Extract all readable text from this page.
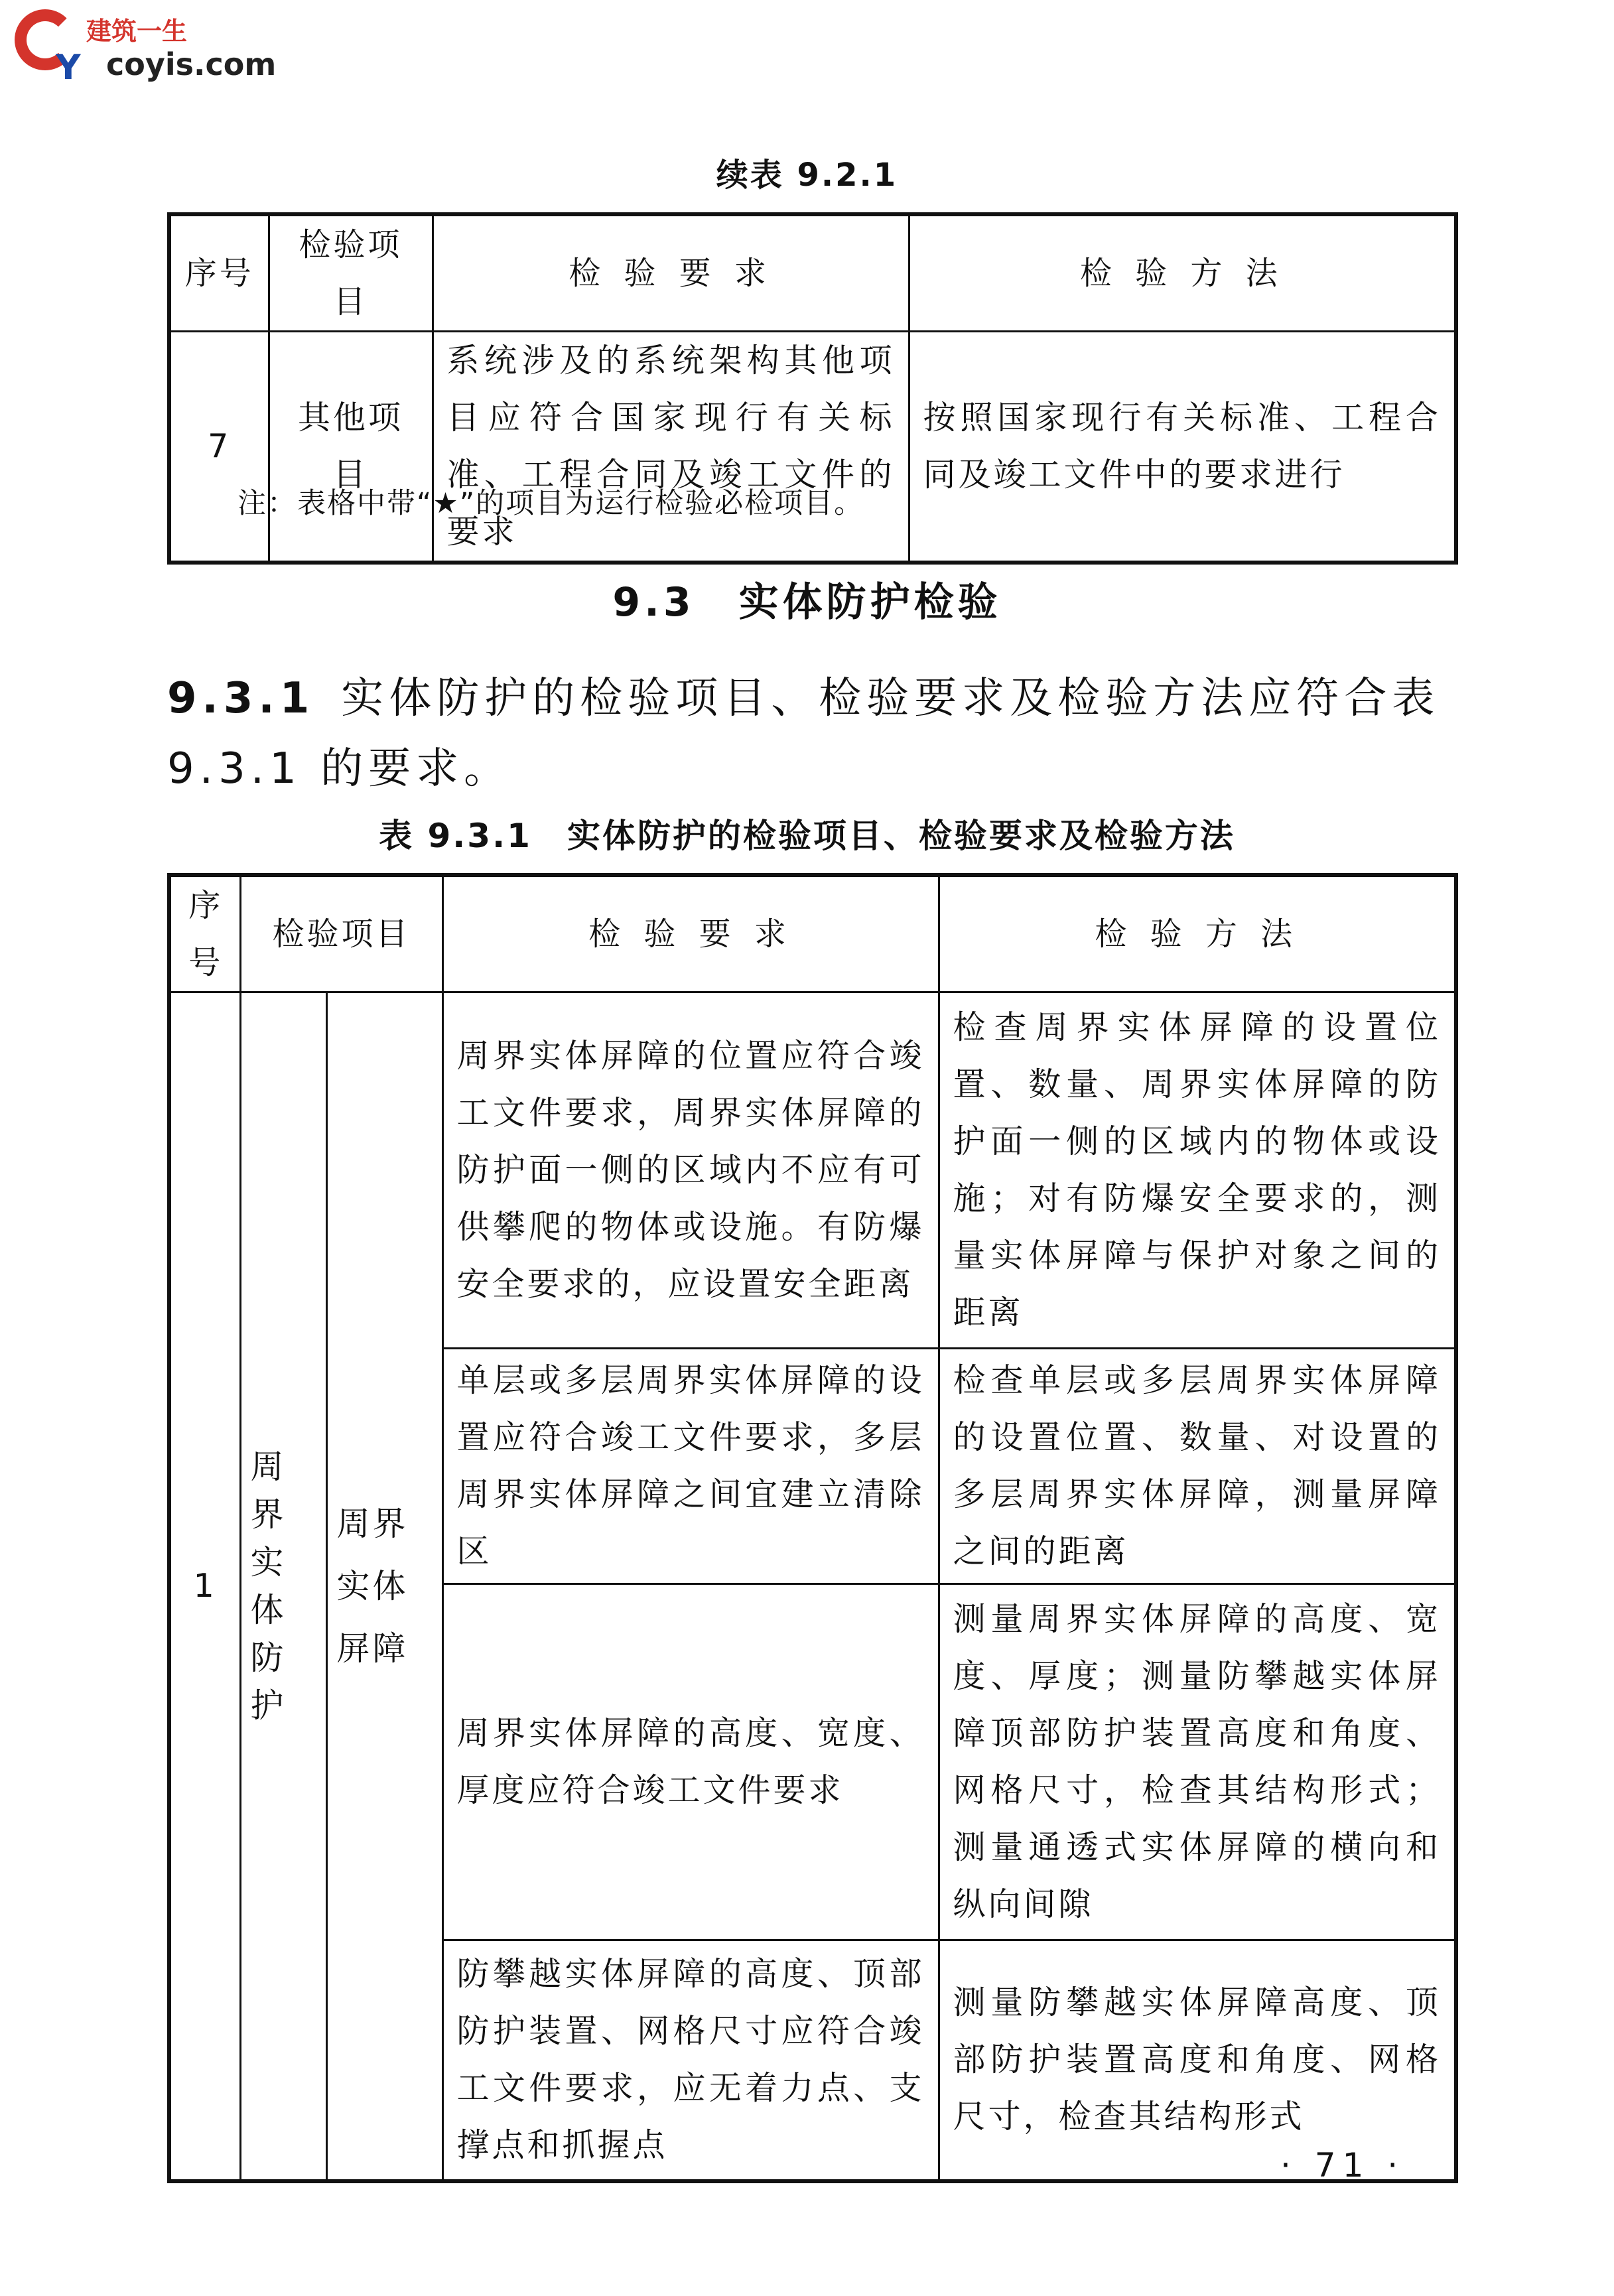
Y
建筑一生
coyis.com
续表 9.2.1
序号	检验项目	检 验 要 求	检 验 方 法
7	其他项目	系统涉及的系统架构其他项目应符合国家现行有关标准、工程合同及竣工文件的要求	按照国家现行有关标准、工程合同及竣工文件中的要求进行
注：表格中带“★”的项目为运行检验必检项目。
9.3　实体防护检验
9.3.1 实体防护的检验项目、检验要求及检验方法应符合表 9.3.1 的要求。
表 9.3.1　实体防护的检验项目、检验要求及检验方法
序号	检验项目		检 验 要 求	检 验 方 法
1	周界实体防护	周界实体屏障	周界实体屏障的位置应符合竣工文件要求，周界实体屏障的防护面一侧的区域内不应有可供攀爬的物体或设施。有防爆安全要求的，应设置安全距离	检查周界实体屏障的设置位置、数量、周界实体屏障的防护面一侧的区域内的物体或设施；对有防爆安全要求的，测量实体屏障与保护对象之间的距离
			单层或多层周界实体屏障的设置应符合竣工文件要求，多层周界实体屏障之间宜建立清除区	检查单层或多层周界实体屏障的设置位置、数量、对设置的多层周界实体屏障，测量屏障之间的距离
			周界实体屏障的高度、宽度、厚度应符合竣工文件要求	测量周界实体屏障的高度、宽度、厚度；测量防攀越实体屏障顶部防护装置高度和角度、网格尺寸，检查其结构形式；测量通透式实体屏障的横向和纵向间隙
			防攀越实体屏障的高度、顶部防护装置、网格尺寸应符合竣工文件要求，应无着力点、支撑点和抓握点	测量防攀越实体屏障高度、顶部防护装置高度和角度、网格尺寸，检查其结构形式
· 71 ·
